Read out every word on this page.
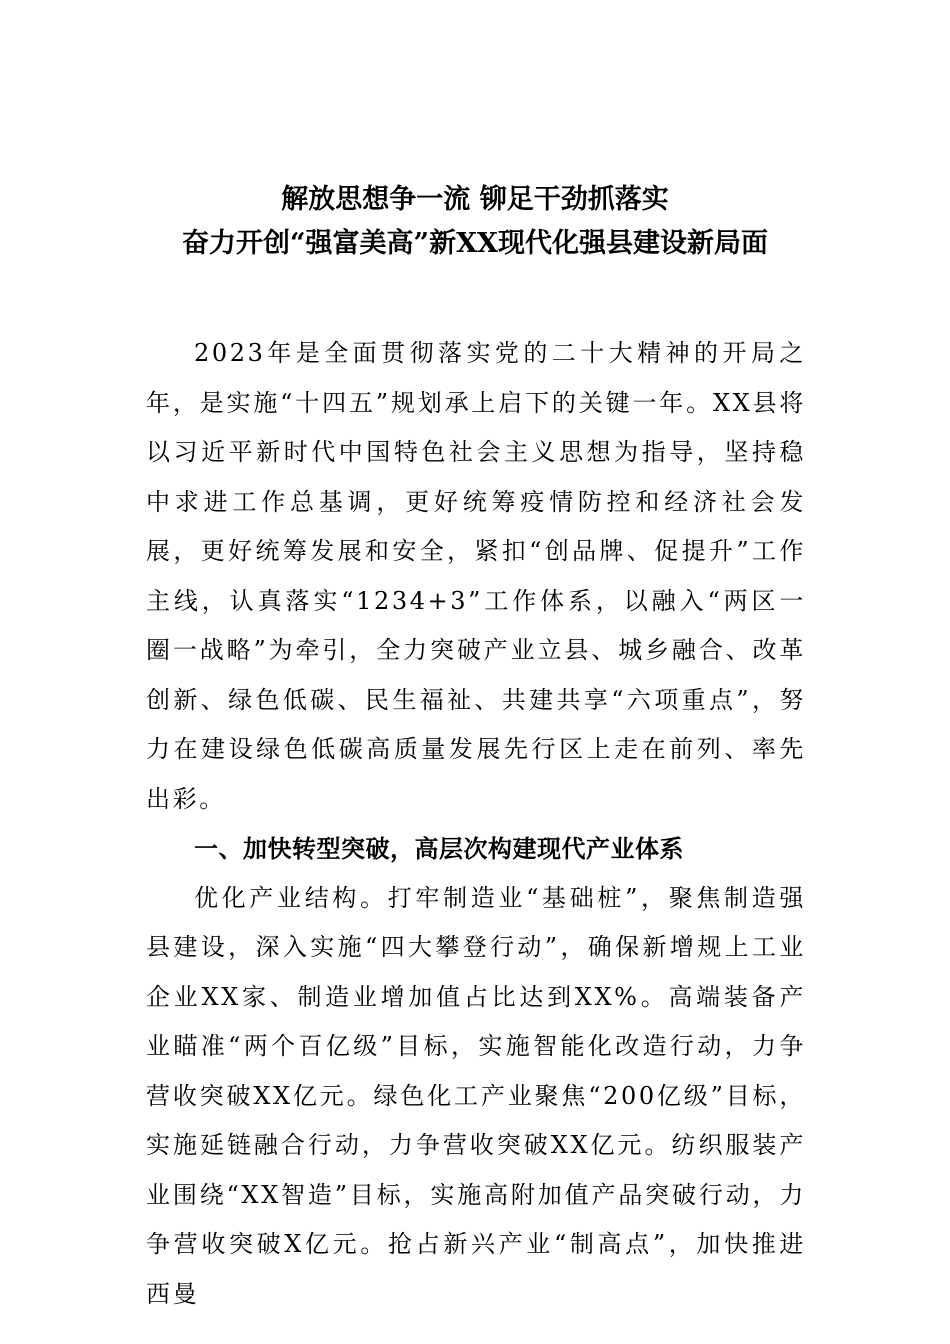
解放思想争一流 铆足干劲抓落实
奋力开创“强富美高”新XX现代化强县建设新局面

2023年是全面贯彻落实党的二十大精神的开局之年，是实施“十四五”规划承上启下的关键一年。XX县将以习近平新时代中国特色社会主义思想为指导，坚持稳中求进工作总基调，更好统筹疫情防控和经济社会发展，更好统筹发展和安全，紧扣“创品牌、促提升”工作主线，认真落实“1234+3”工作体系，以融入“两区一圈一战略”为牵引，全力突破产业立县、城乡融合、改革创新、绿色低碳、民生福祉、共建共享“六项重点”，努力在建设绿色低碳高质量发展先行区上走在前列、率先出彩。

一、加快转型突破，高层次构建现代产业体系

优化产业结构。打牢制造业“基础桩”，聚焦制造强县建设，深入实施“四大攀登行动”，确保新增规上工业企业XX家、制造业增加值占比达到XX%。高端装备产业瞄准“两个百亿级”目标，实施智能化改造行动，力争营收突破XX亿元。绿色化工产业聚焦“200亿级”目标，实施延链融合行动，力争营收突破XX亿元。纺织服装产业围绕“XX智造”目标，实施高附加值产品突破行动，力争营收突破X亿元。抢占新兴产业“制高点”，加快推进西曼
